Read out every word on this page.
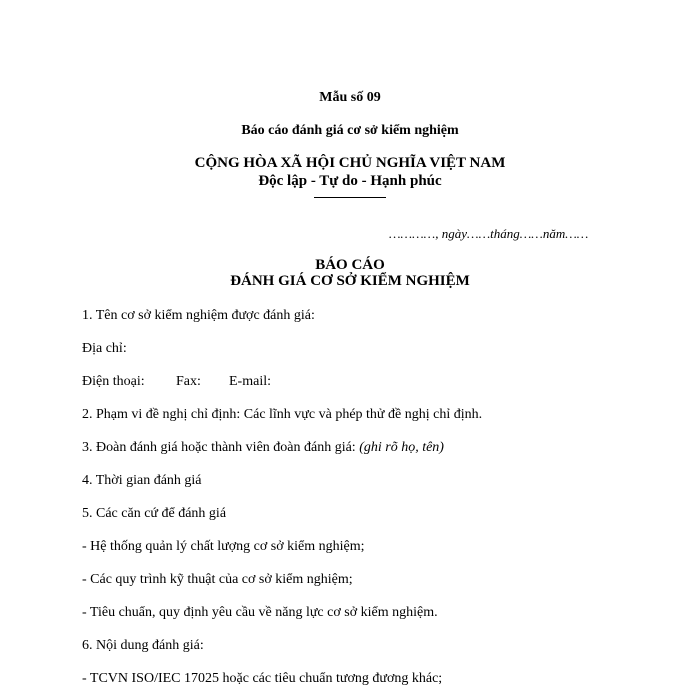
Mẫu số 09
Báo cáo đánh giá cơ sở kiểm nghiệm
CỘNG HÒA XÃ HỘI CHỦ NGHĨA VIỆT NAM
Độc lập - Tự do - Hạnh phúc
…………, ngày……tháng……năm……
BÁO CÁO
ĐÁNH GIÁ CƠ SỞ KIỂM NGHIỆM
1. Tên cơ sở kiểm nghiệm được đánh giá:
Địa chỉ:
Điện thoại: Fax: E-mail:
2. Phạm vi đề nghị chỉ định: Các lĩnh vực và phép thử đề nghị chỉ định.
3. Đoàn đánh giá hoặc thành viên đoàn đánh giá: (ghi rõ họ, tên)
4. Thời gian đánh giá
5. Các căn cứ để đánh giá
- Hệ thống quản lý chất lượng cơ sở kiểm nghiệm;
- Các quy trình kỹ thuật của cơ sở kiểm nghiệm;
- Tiêu chuẩn, quy định yêu cầu về năng lực cơ sở kiểm nghiệm.
6. Nội dung đánh giá:
- TCVN ISO/IEC 17025 hoặc các tiêu chuẩn tương đương khác;
